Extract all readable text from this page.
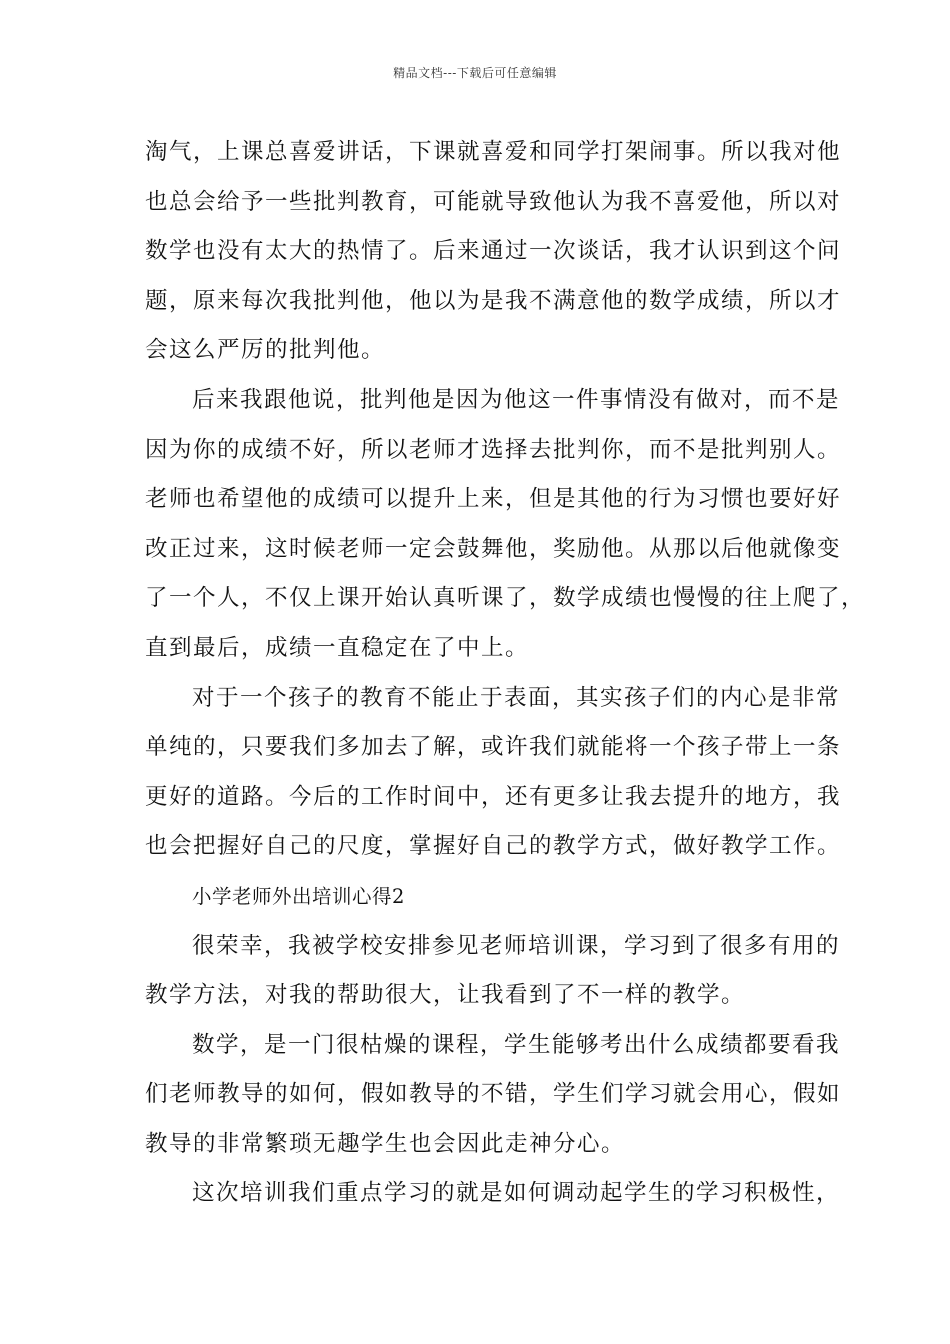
精品文档---下载后可任意编辑
淘气，上课总喜爱讲话，下课就喜爱和同学打架闹事。所以我对他
也总会给予一些批判教育，可能就导致他认为我不喜爱他，所以对
数学也没有太大的热情了。后来通过一次谈话，我才认识到这个问
题，原来每次我批判他，他以为是我不满意他的数学成绩，所以才
会这么严厉的批判他。
后来我跟他说，批判他是因为他这一件事情没有做对，而不是
因为你的成绩不好，所以老师才选择去批判你，而不是批判别人。
老师也希望他的成绩可以提升上来，但是其他的行为习惯也要好好
改正过来，这时候老师一定会鼓舞他，奖励他。从那以后他就像变
了一个人，不仅上课开始认真听课了，数学成绩也慢慢的往上爬了，
直到最后，成绩一直稳定在了中上。
对于一个孩子的教育不能止于表面，其实孩子们的内心是非常
单纯的，只要我们多加去了解，或许我们就能将一个孩子带上一条
更好的道路。今后的工作时间中，还有更多让我去提升的地方，我
也会把握好自己的尺度，掌握好自己的教学方式，做好教学工作。
小学老师外出培训心得2
很荣幸，我被学校安排参见老师培训课，学习到了很多有用的
教学方法，对我的帮助很大，让我看到了不一样的教学。
数学，是一门很枯燥的课程，学生能够考出什么成绩都要看我
们老师教导的如何，假如教导的不错，学生们学习就会用心，假如
教导的非常繁琐无趣学生也会因此走神分心。
这次培训我们重点学习的就是如何调动起学生的学习积极性，
